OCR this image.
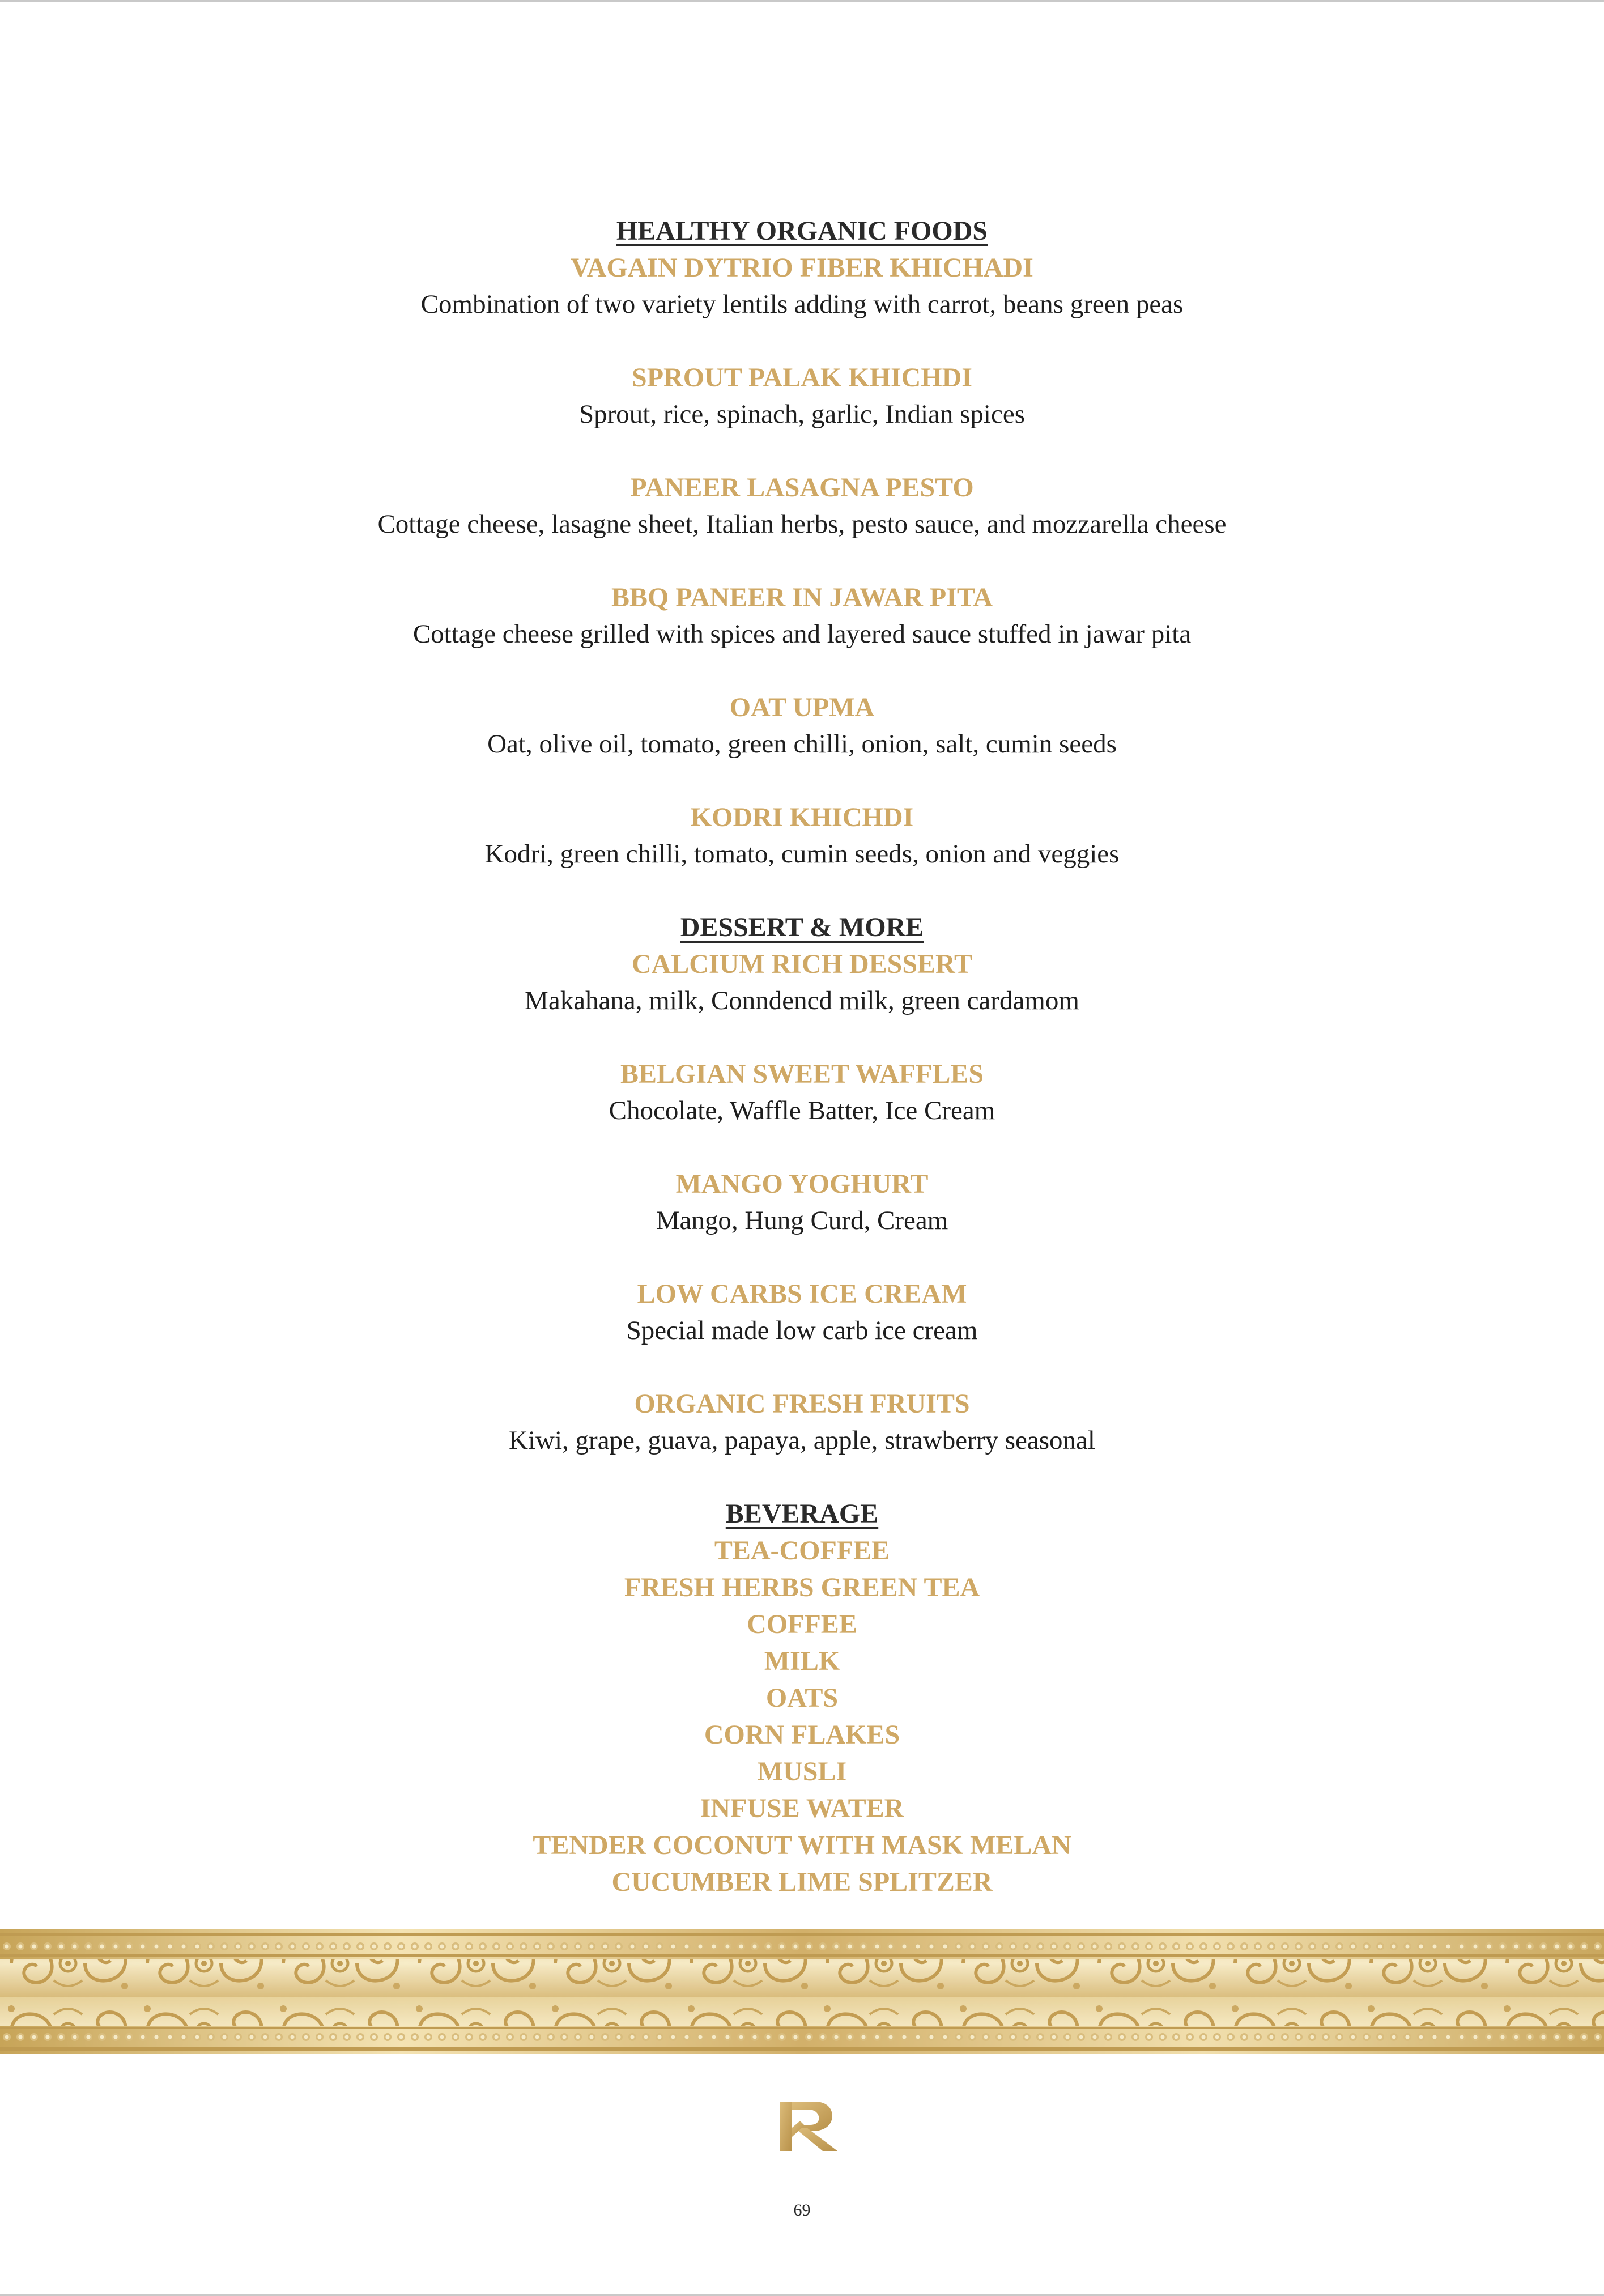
HEALTHY ORGANIC FOODS
VAGAIN DYTRIO FIBER KHICHADI
Combination of two variety lentils adding with carrot, beans green peas
SPROUT PALAK KHICHDI
Sprout, rice, spinach, garlic, Indian spices
PANEER LASAGNA PESTO
Cottage cheese, lasagne sheet, Italian herbs, pesto sauce, and mozzarella cheese
BBQ PANEER IN JAWAR PITA
Cottage cheese grilled with spices and layered sauce stuffed in jawar pita
OAT UPMA
Oat, olive oil, tomato, green chilli, onion, salt, cumin seeds
KODRI KHICHDI
Kodri, green chilli, tomato, cumin seeds, onion and veggies
DESSERT & MORE
CALCIUM RICH DESSERT
Makahana, milk, Conndencd milk, green cardamom
BELGIAN SWEET WAFFLES
Chocolate, Waffle Batter, Ice Cream
MANGO YOGHURT
Mango, Hung Curd, Cream
LOW CARBS ICE CREAM
Special made low carb ice cream
ORGANIC FRESH FRUITS
Kiwi, grape, guava, papaya, apple, strawberry seasonal
BEVERAGE
TEA-COFFEE
FRESH HERBS GREEN TEA
COFFEE
MILK
OATS
CORN FLAKES
MUSLI
INFUSE WATER
TENDER COCONUT WITH MASK MELAN
CUCUMBER LIME SPLITZER
69
